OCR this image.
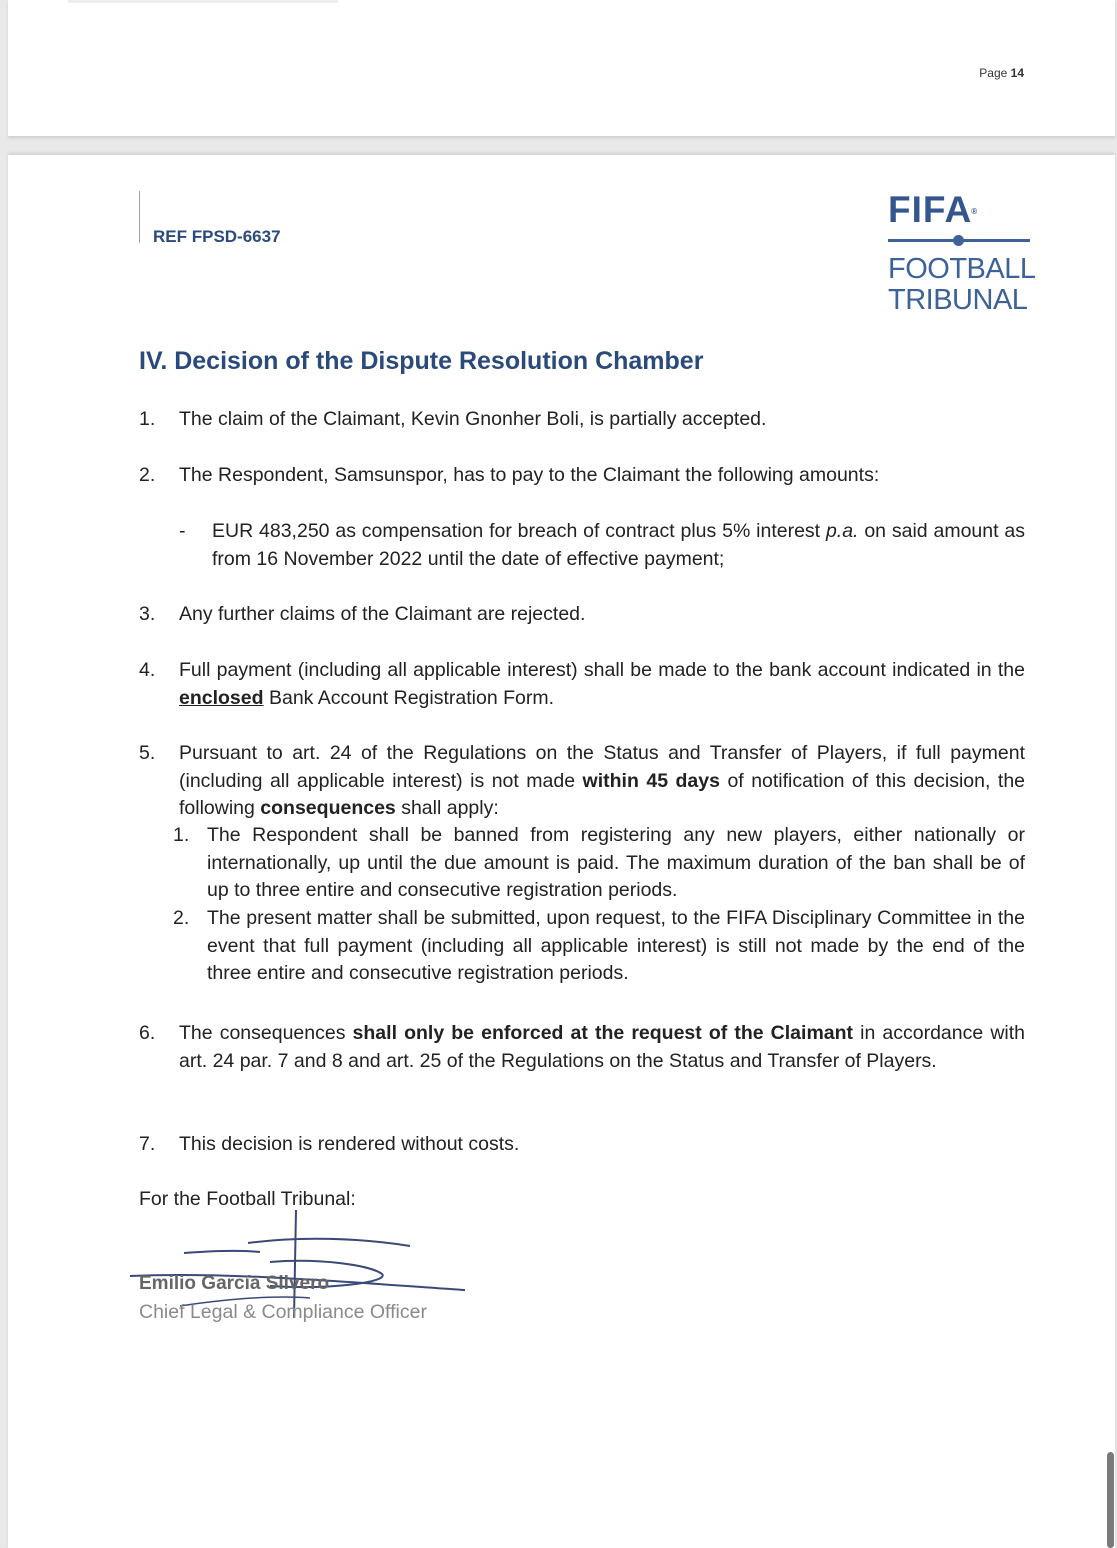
Page 14
REF FPSD-6637
FIFA ®
FOOTBALL
TRIBUNAL
IV. Decision of the Dispute Resolution Chamber
1.	The claim of the Claimant, Kevin Gnonher Boli, is partially accepted.
2.	The Respondent, Samsunspor, has to pay to the Claimant the following amounts:
- EUR 483,250 as compensation for breach of contract plus 5% interest p.a. on said amount as from 16 November 2022 until the date of effective payment;
3.	Any further claims of the Claimant are rejected.
4.	Full payment (including all applicable interest) shall be made to the bank account indicated in the enclosed Bank Account Registration Form.
5.	Pursuant to art. 24 of the Regulations on the Status and Transfer of Players, if full payment (including all applicable interest) is not made within 45 days of notification of this decision, the following consequences shall apply:
1. The Respondent shall be banned from registering any new players, either nationally or internationally, up until the due amount is paid. The maximum duration of the ban shall be of up to three entire and consecutive registration periods.
2. The present matter shall be submitted, upon request, to the FIFA Disciplinary Committee in the event that full payment (including all applicable interest) is still not made by the end of the three entire and consecutive registration periods.
6.	The consequences shall only be enforced at the request of the Claimant in accordance with art. 24 par. 7 and 8 and art. 25 of the Regulations on the Status and Transfer of Players.
7.	This decision is rendered without costs.
For the Football Tribunal:
Emilio García Silvero
Chief Legal & Compliance Officer
